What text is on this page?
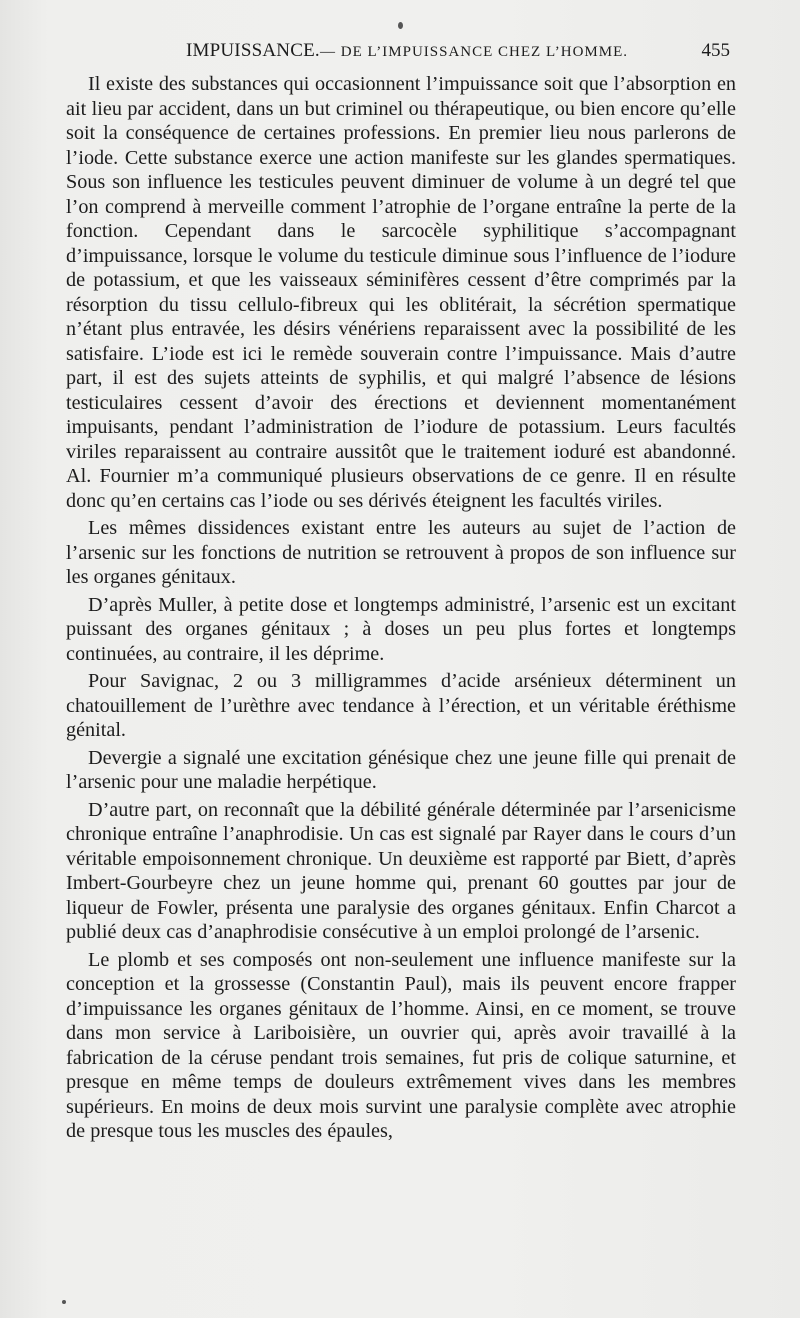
IMPUISSANCE. — DE L’IMPUISSANCE CHEZ L’HOMME.	455

Il existe des substances qui occasionnent l’impuissance soit que l’absorption en ait lieu par accident, dans un but criminel ou thérapeutique, ou bien encore qu’elle soit la conséquence de certaines professions. En premier lieu nous parlerons de l’iode. Cette substance exerce une action manifeste sur les glandes spermatiques. Sous son influence les testicules peuvent diminuer de volume à un degré tel que l’on comprend à merveille comment l’atrophie de l’organe entraîne la perte de la fonction. Cependant dans le sarcocèle syphilitique s’accompagnant d’impuissance, lorsque le volume du testicule diminue sous l’influence de l’iodure de potassium, et que les vaisseaux séminifères cessent d’être comprimés par la résorption du tissu cellulo-fibreux qui les oblitérait, la sécrétion spermatique n’étant plus entravée, les désirs vénériens reparaissent avec la possibilité de les satisfaire. L’iode est ici le remède souverain contre l’impuissance. Mais d’autre part, il est des sujets atteints de syphilis, et qui malgré l’absence de lésions testiculaires cessent d’avoir des érections et deviennent momentanément impuisants, pendant l’administration de l’iodure de potassium. Leurs facultés viriles reparaissent au contraire aussitôt que le traitement ioduré est abandonné. Al. Fournier m’a communiqué plusieurs observations de ce genre. Il en résulte donc qu’en certains cas l’iode ou ses dérivés éteignent les facultés viriles.

Les mêmes dissidences existant entre les auteurs au sujet de l’action de l’arsenic sur les fonctions de nutrition se retrouvent à propos de son influence sur les organes génitaux.

D’après Muller, à petite dose et longtemps administré, l’arsenic est un excitant puissant des organes génitaux ; à doses un peu plus fortes et longtemps continuées, au contraire, il les déprime.

Pour Savignac, 2 ou 3 milligrammes d’acide arsénieux déterminent un chatouillement de l’urèthre avec tendance à l’érection, et un véritable éréthisme génital.

Devergie a signalé une excitation génésique chez une jeune fille qui prenait de l’arsenic pour une maladie herpétique.

D’autre part, on reconnaît que la débilité générale déterminée par l’arsenicisme chronique entraîne l’anaphrodisie. Un cas est signalé par Rayer dans le cours d’un véritable empoisonnement chronique. Un deuxième est rapporté par Biett, d’après Imbert-Gourbeyre chez un jeune homme qui, prenant 60 gouttes par jour de liqueur de Fowler, présenta une paralysie des organes génitaux. Enfin Charcot a publié deux cas d’anaphrodisie consécutive à un emploi prolongé de l’arsenic.

Le plomb et ses composés ont non-seulement une influence manifeste sur la conception et la grossesse (Constantin Paul), mais ils peuvent encore frapper d’impuissance les organes génitaux de l’homme. Ainsi, en ce moment, se trouve dans mon service à Lariboisière, un ouvrier qui, après avoir travaillé à la fabrication de la céruse pendant trois semaines, fut pris de colique saturnine, et presque en même temps de douleurs extrêmement vives dans les membres supérieurs. En moins de deux mois survint une paralysie complète avec atrophie de presque tous les muscles des épaules,
